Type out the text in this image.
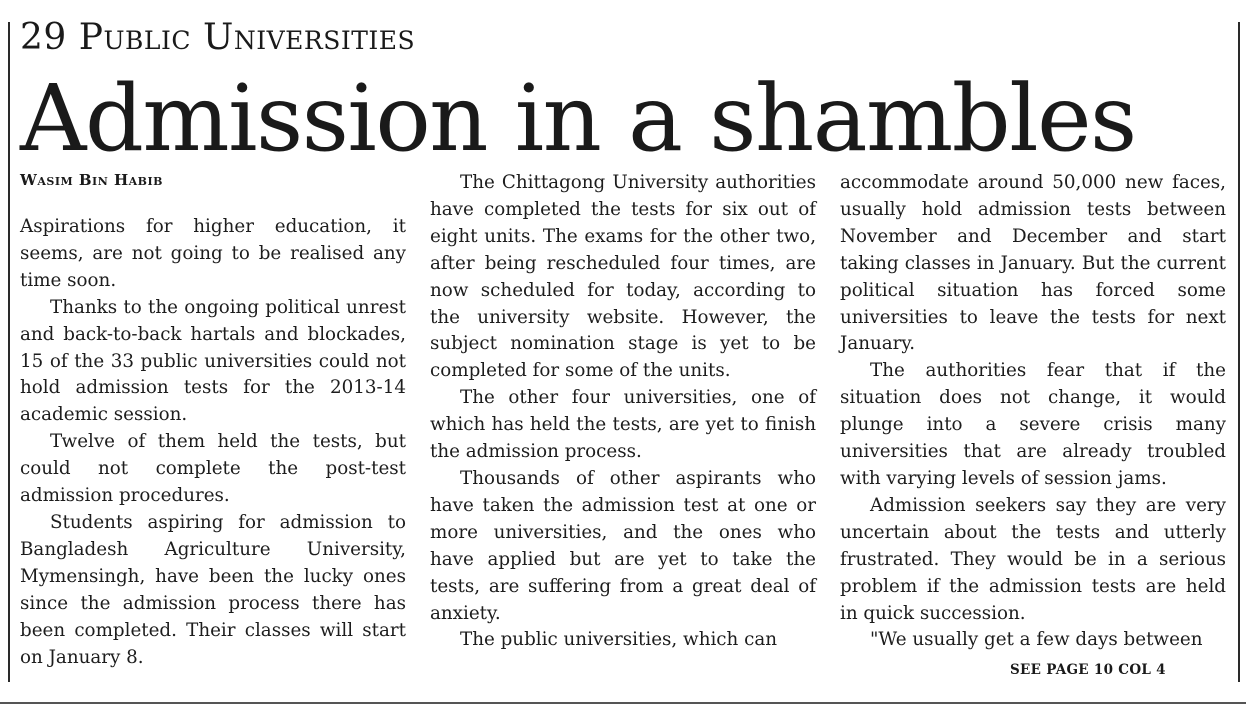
29 Public Universities
Admission in a shambles
Wasim Bin Habib

Aspirations for higher education, it seems, are not going to be realised any time soon.

Thanks to the ongoing political unrest and back-to-back hartals and blockades, 15 of the 33 public universities could not hold admission tests for the 2013-14 academic session.

Twelve of them held the tests, but could not complete the post-test admission procedures.

Students aspiring for admission to Bangladesh Agriculture University, Mymensingh, have been the lucky ones since the admission process there has been completed. Their classes will start on January 8.

The Chittagong University authorities have completed the tests for six out of eight units. The exams for the other two, after being rescheduled four times, are now scheduled for today, according to the university website. However, the subject nomination stage is yet to be completed for some of the units.

The other four universities, one of which has held the tests, are yet to finish the admission process.

Thousands of other aspirants who have taken the admission test at one or more universities, and the ones who have applied but are yet to take the tests, are suffering from a great deal of anxiety.

The public universities, which can

accommodate around 50,000 new faces, usually hold admission tests between November and December and start taking classes in January. But the current political situation has forced some universities to leave the tests for next January.

The authorities fear that if the situation does not change, it would plunge into a severe crisis many universities that are already troubled with varying levels of session jams.

Admission seekers say they are very uncertain about the tests and utterly frustrated. They would be in a serious problem if the admission tests are held in quick succession.

"We usually get a few days between

SEE PAGE 10 COL 4
